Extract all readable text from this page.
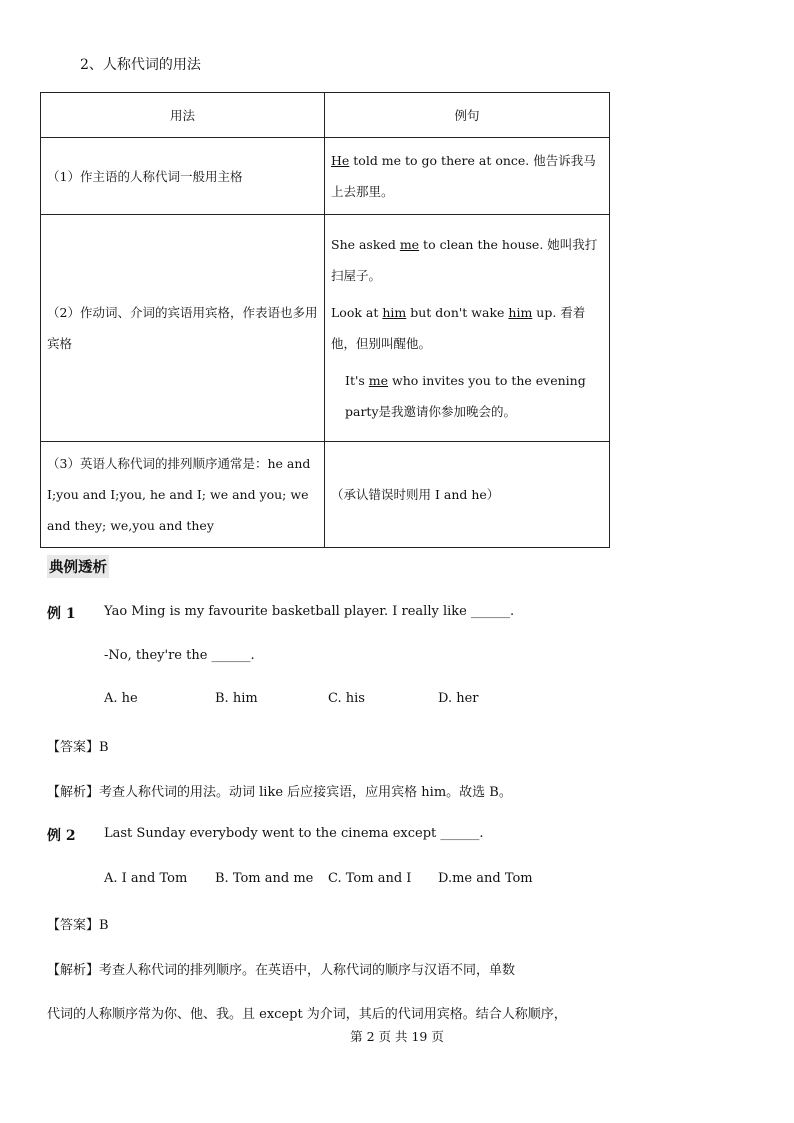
2、人称代词的用法
用法	例句
（1）作主语的人称代词一般用主格	He told me to go there at once. 他告诉我马上去那里。
（2）作动词、介词的宾语用宾格，作表语也多用宾格	She asked me to clean the house. 她叫我打扫屋子。
Look at him but don't wake him up. 看着他，但别叫醒他。
It's me who invites you to the evening party是我邀请你参加晚会的。

（3）英语人称代词的排列顺序通常是：he and I;you and I;you, he and I; we and you; we and they; we,you and they	（承认错误时则用 I and he）
典例透析
例 1 Yao Ming is my favourite basketball player. I really like ______.
-No, they're the ______.
A. he	B. him	C. his	D. her
【答案】B
【解析】考查人称代词的用法。动词 like 后应接宾语，应用宾格 him。故选 B。
例 2 Last Sunday everybody went to the cinema except ______.
A. I and Tom B. Tom and me C. Tom and I D.me and Tom
【答案】B
【解析】考查人称代词的排列顺序。在英语中，人称代词的顺序与汉语不同，单数
代词的人称顺序常为你、他、我。且 except 为介词，其后的代词用宾格。结合人称顺序，
第 2 页 共 19 页
